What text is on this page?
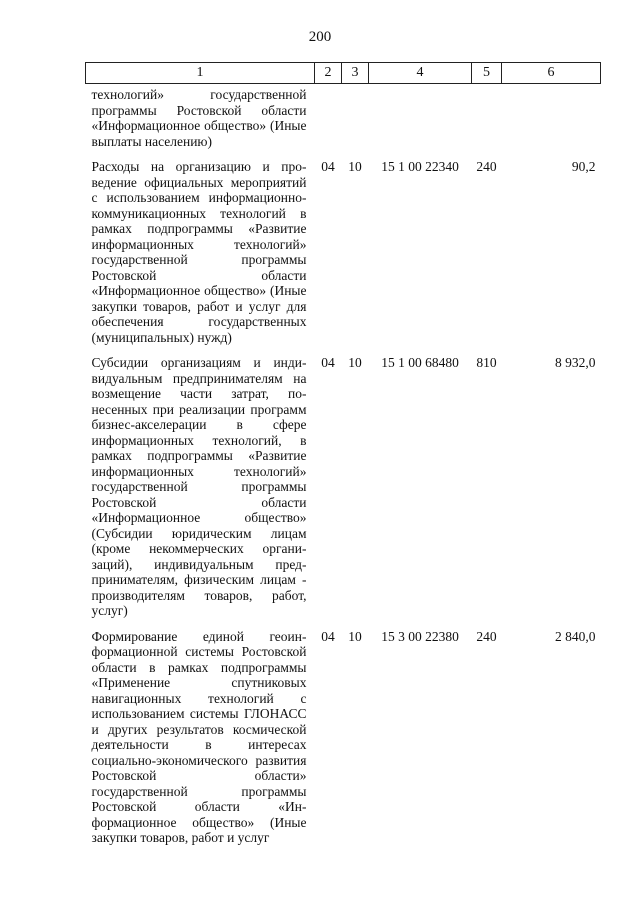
200
1	2	3	4	5	6
технологий» государственной программы Ростовской области «Информационное общество» (Иные выплаты населению)					
Расходы на организацию и проведение официальных мероприятий с использованием информационно-коммуникационных технологий в рамках подпрограммы «Развитие информационных технологий» государственной программы Ростовской области «Информационное общество» (Иные закупки товаров, работ и услуг для обеспечения государственных (муниципальных) нужд)	04	10	15 1 00 22340	240	90,2
Субсидии организациям и индивидуальным предпринимателям на возмещение части затрат, понесенных при реализации программ бизнес-акселерации в сфере информационных технологий, в рамках подпрограммы «Развитие информационных технологий» государственной программы Ростовской области «Информационное общество» (Субсидии юридическим лицам (кроме некоммерческих организаций), индивидуальным предпринимателям, физическим лицам - производителям товаров, работ, услуг)	04	10	15 1 00 68480	810	8 932,0
Формирование единой геоинформационной системы Ростовской области в рамках подпрограммы «Применение спутниковых навигационных технологий с использованием системы ГЛОНАСС и других результатов космической деятельности в интересах социально-экономического развития Ростовской области» государственной программы Ростовской области «Информационное общество» (Иные закупки товаров, работ и услуг	04	10	15 3 00 22380	240	2 840,0
